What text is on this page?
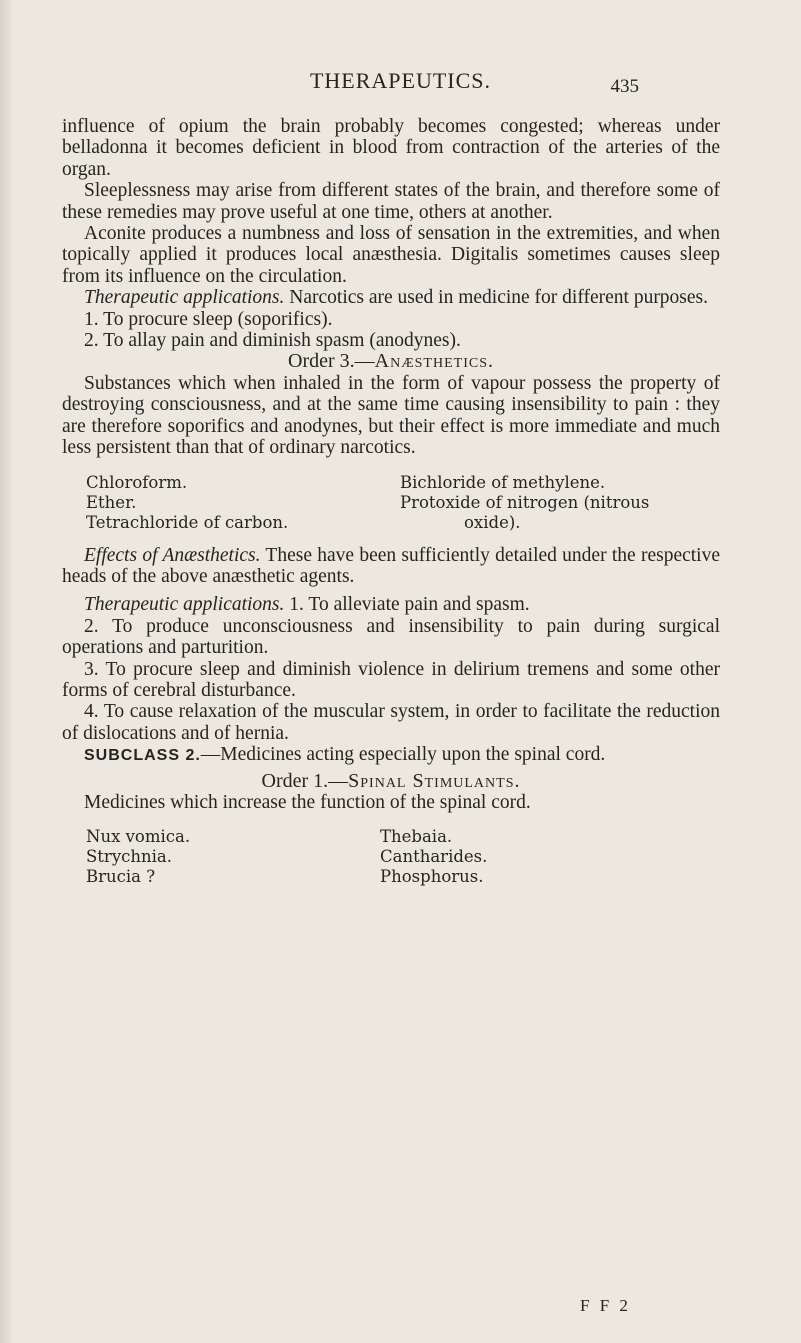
THERAPEUTICS.	435

influence of opium the brain probably becomes congested; whereas under belladonna it becomes deficient in blood from contraction of the arteries of the organ.

Sleeplessness may arise from different states of the brain, and therefore some of these remedies may prove useful at one time, others at another.

Aconite produces a numbness and loss of sensation in the extremities, and when topically applied it produces local anæsthesia. Digitalis sometimes causes sleep from its influence on the circulation.

Therapeutic applications. Narcotics are used in medicine for different purposes.

1. To procure sleep (soporifics).

2. To allay pain and diminish spasm (anodynes).

Order 3.—Anæsthetics.

Substances which when inhaled in the form of vapour possess the property of destroying consciousness, and at the same time causing insensibility to pain : they are therefore soporifics and anodynes, but their effect is more immediate and much less persistent than that of ordinary narcotics.

Chloroform.
Ether.
Tetrachloride of carbon.
Bichloride of methylene.
Protoxide of nitrogen (nitrous
oxide).

Effects of Anæsthetics. These have been sufficiently detailed under the respective heads of the above anæsthetic agents.

Therapeutic applications. 1. To alleviate pain and spasm.

2. To produce unconsciousness and insensibility to pain during surgical operations and parturition.

3. To procure sleep and diminish violence in delirium tremens and some other forms of cerebral disturbance.

4. To cause relaxation of the muscular system, in order to facilitate the reduction of dislocations and of hernia.

SUBCLASS 2.—Medicines acting especially upon the spinal cord.

Order 1.—Spinal Stimulants.

Medicines which increase the function of the spinal cord.

Nux vomica.
Strychnia.
Brucia ?
Thebaia.
Cantharides.
Phosphorus.
F F 2
